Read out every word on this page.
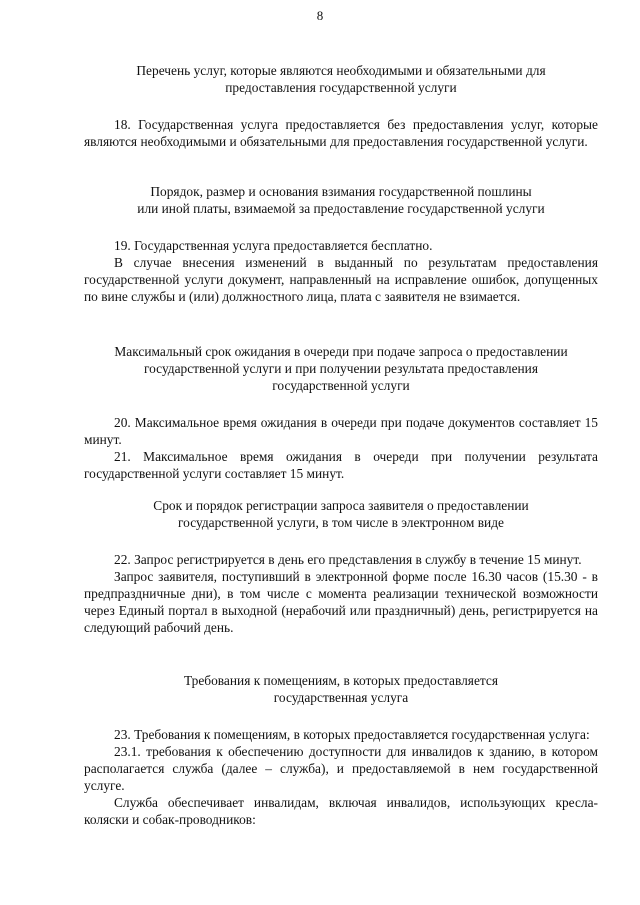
8
Перечень услуг, которые являются необходимыми и обязательными для
предоставления государственной услуги

18. Государственная услуга предоставляется без предоставления услуг, которые являются необходимыми и обязательными для предоставления государственной услуги.

Порядок, размер и основания взимания государственной пошлины
или иной платы, взимаемой за предоставление государственной услуги

19. Государственная услуга предоставляется бесплатно.

В случае внесения изменений в выданный по результатам предоставления государственной услуги документ, направленный на исправление ошибок, допущенных по вине службы и (или) должностного лица, плата с заявителя не взимается.

Максимальный срок ожидания в очереди при подаче запроса о предоставлении
государственной услуги и при получении результата предоставления
государственной услуги

20. Максимальное время ожидания в очереди при подаче документов составляет 15 минут.

21. Максимальное время ожидания в очереди при получении результата государственной услуги составляет 15 минут.

Срок и порядок регистрации запроса заявителя о предоставлении
государственной услуги, в том числе в электронном виде

22. Запрос регистрируется в день его представления в службу в течение 15 минут.

Запрос заявителя, поступивший в электронной форме после 16.30 часов (15.30 - в предпраздничные дни), в том числе с момента реализации технической возможности через Единый портал в выходной (нерабочий или праздничный) день, регистрируется на следующий рабочий день.

Требования к помещениям, в которых предоставляется
государственная услуга

23. Требования к помещениям, в которых предоставляется государственная услуга:

23.1. требования к обеспечению доступности для инвалидов к зданию, в котором располагается служба (далее – служба), и предоставляемой в нем государственной услуге.

Служба обеспечивает инвалидам, включая инвалидов, использующих кресла-коляски и собак-проводников:
